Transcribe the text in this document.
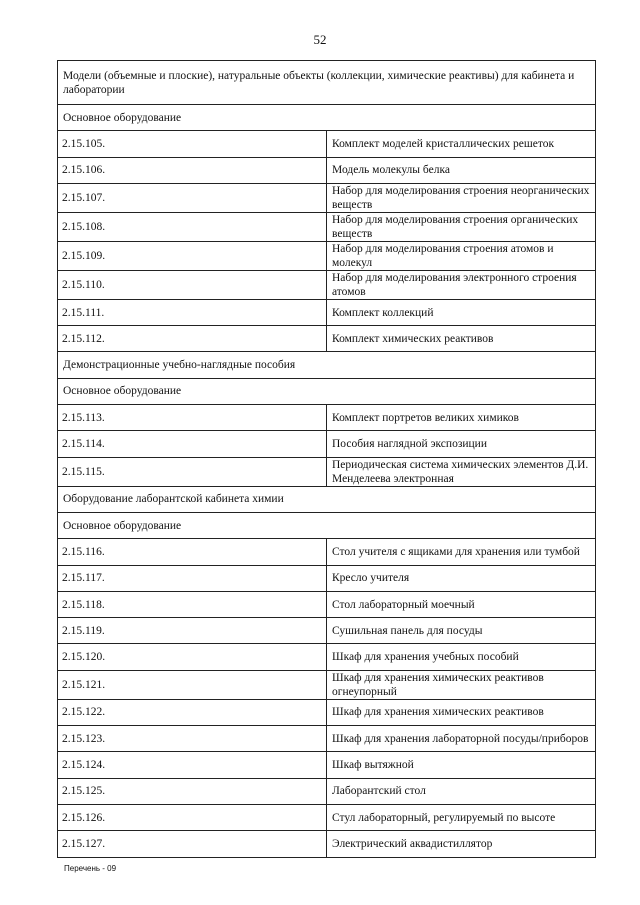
52
Модели (объемные и плоские), натуральные объекты (коллекции, химические реактивы) для кабинета и лаборатории	
Основное оборудование	
2.15.105.	Комплект моделей кристаллических решеток
2.15.106.	Модель молекулы белка
2.15.107.	Набор для моделирования строения неорганических веществ
2.15.108.	Набор для моделирования строения органических веществ
2.15.109.	Набор для моделирования строения атомов и молекул
2.15.110.	Набор для моделирования электронного строения атомов
2.15.111.	Комплект коллекций
2.15.112.	Комплект химических реактивов
Демонстрационные учебно-наглядные пособия	
Основное оборудование	
2.15.113.	Комплект портретов великих химиков
2.15.114.	Пособия наглядной экспозиции
2.15.115.	Периодическая система химических элементов Д.И. Менделеева электронная
Оборудование лаборантской кабинета химии	
Основное оборудование	
2.15.116.	Стол учителя с ящиками для хранения или тумбой
2.15.117.	Кресло учителя
2.15.118.	Стол лабораторный моечный
2.15.119.	Сушильная панель для посуды
2.15.120.	Шкаф для хранения учебных пособий
2.15.121.	Шкаф для хранения химических реактивов огнеупорный
2.15.122.	Шкаф для хранения химических реактивов
2.15.123.	Шкаф для хранения лабораторной посуды/приборов
2.15.124.	Шкаф вытяжной
2.15.125.	Лаборантский стол
2.15.126.	Стул лабораторный, регулируемый по высоте
2.15.127.	Электрический аквадистиллятор
Перечень - 09
